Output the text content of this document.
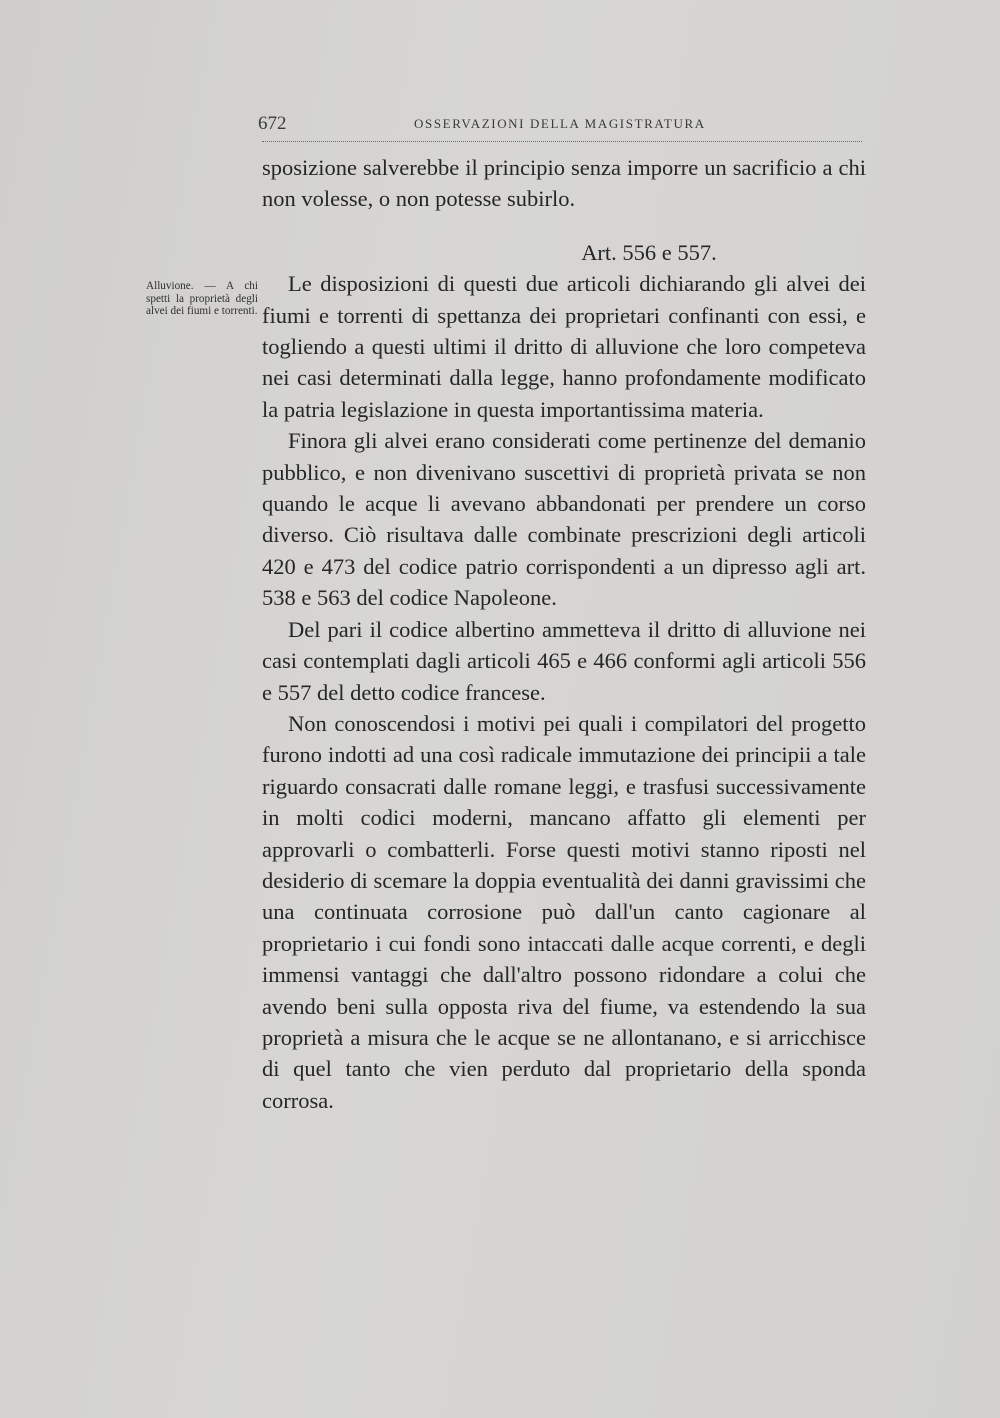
672	OSSERVAZIONI DELLA MAGISTRATURA
Alluvione. — A chi spetti la proprietà degli alvei dei fiumi e torrenti.

sposizione salverebbe il principio senza imporre un sacrificio a chi non volesse, o non potesse subirlo.

Art. 556 e 557.

Le disposizioni di questi due articoli dichiarando gli alvei dei fiumi e torrenti di spettanza dei proprietari confinanti con essi, e togliendo a questi ultimi il dritto di alluvione che loro competeva nei casi determinati dalla legge, hanno profondamente modificato la patria legislazione in questa importantissima materia.

Finora gli alvei erano considerati come pertinenze del demanio pubblico, e non divenivano suscettivi di proprietà privata se non quando le acque li avevano abbandonati per prendere un corso diverso. Ciò risultava dalle combinate prescrizioni degli articoli 420 e 473 del codice patrio corrispondenti a un dipresso agli art. 538 e 563 del codice Napoleone.

Del pari il codice albertino ammetteva il dritto di alluvione nei casi contemplati dagli articoli 465 e 466 conformi agli articoli 556 e 557 del detto codice francese.

Non conoscendosi i motivi pei quali i compilatori del progetto furono indotti ad una così radicale immutazione dei principii a tale riguardo consacrati dalle romane leggi, e trasfusi successivamente in molti codici moderni, mancano affatto gli elementi per approvarli o combatterli. Forse questi motivi stanno riposti nel desiderio di scemare la doppia eventualità dei danni gravissimi che una continuata corrosione può dall'un canto cagionare al proprietario i cui fondi sono intaccati dalle acque correnti, e degli immensi vantaggi che dall'altro possono ridondare a colui che avendo beni sulla opposta riva del fiume, va estendendo la sua proprietà a misura che le acque se ne allontanano, e si arricchisce di quel tanto che vien perduto dal proprietario della sponda corrosa.
